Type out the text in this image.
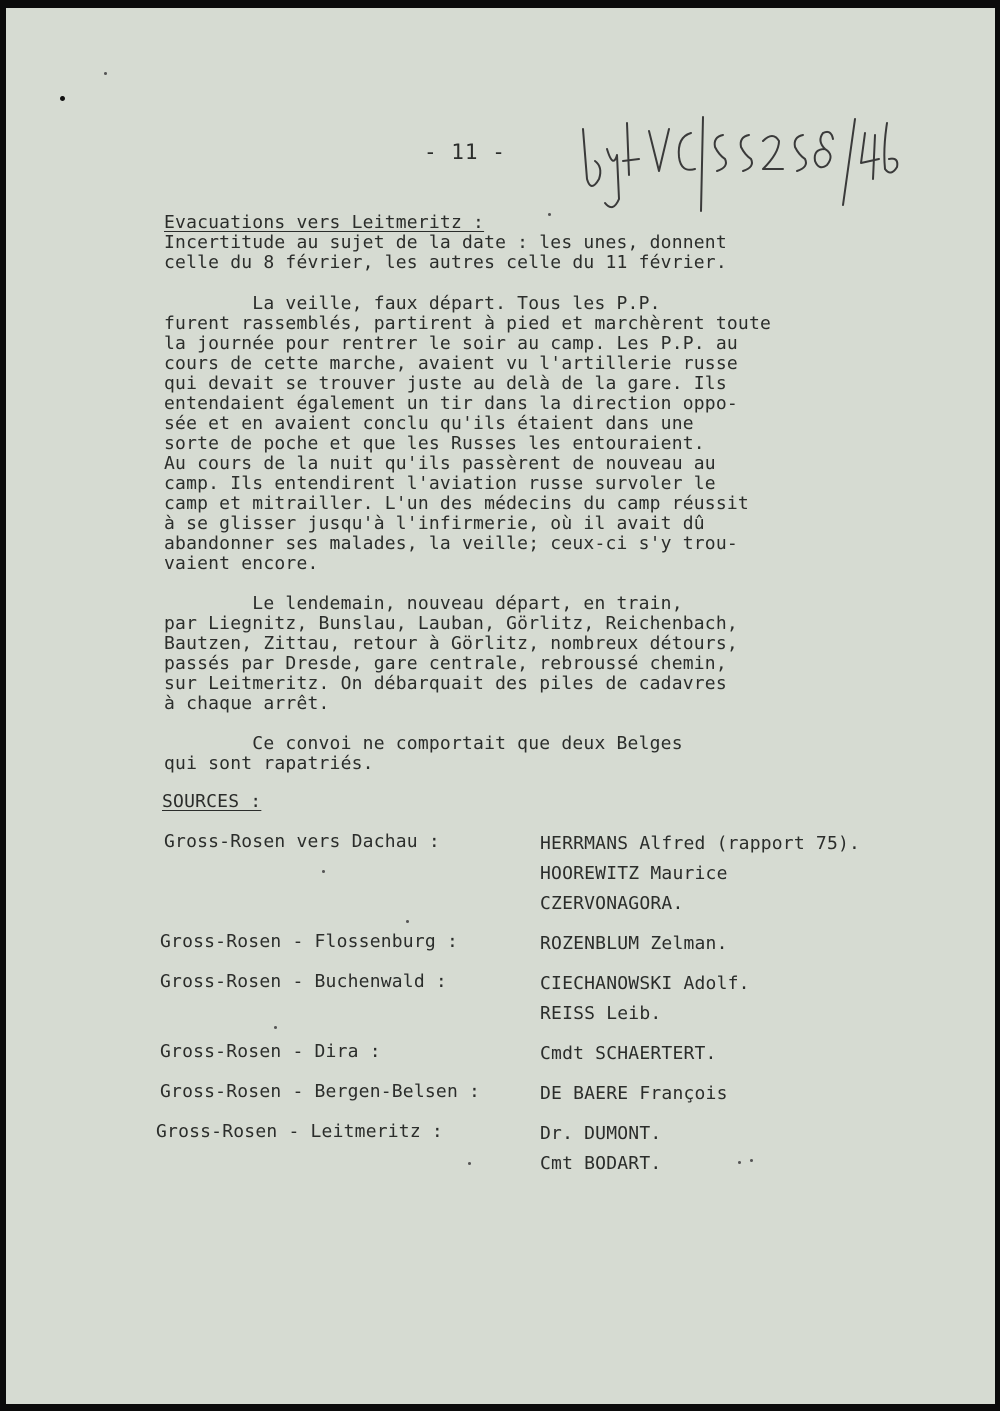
- 11 -

Evacuations vers Leitmeritz :
Incertitude au sujet de la date : les unes, donnent
celle du 8 février, les autres celle du 11 février.
La veille, faux départ. Tous les P.P.
furent rassemblés, partirent à pied et marchèrent toute
la journée pour rentrer le soir au camp. Les P.P. au
cours de cette marche, avaient vu l'artillerie russe
qui devait se trouver juste au delà de la gare. Ils
entendaient également un tir dans la direction oppo-
sée et en avaient conclu qu'ils étaient dans une
sorte de poche et que les Russes les entouraient.
Au cours de la nuit qu'ils passèrent de nouveau au
camp. Ils entendirent l'aviation russe survoler le
camp et mitrailler. L'un des médecins du camp réussit
à se glisser jusqu'à l'infirmerie, où il avait dû
abandonner ses malades, la veille; ceux-ci s'y trou-
vaient encore.
Le lendemain, nouveau départ, en train,
par Liegnitz, Bunslau, Lauban, Görlitz, Reichenbach,
Bautzen, Zittau, retour à Görlitz, nombreux détours,
passés par Dresde, gare centrale, rebroussé chemin,
sur Leitmeritz. On débarquait des piles de cadavres
à chaque arrêt.
Ce convoi ne comportait que deux Belges
qui sont rapatriés.
SOURCES :
Gross-Rosen vers Dachau :	HERRMANS Alfred (rapport 75).
HOOREWITZ Maurice
CZERVONAGORA.
Gross-Rosen - Flossenburg :	ROZENBLUM Zelman.
Gross-Rosen - Buchenwald :	CIECHANOWSKI Adolf.
REISS Leib.
Gross-Rosen - Dira :	Cmdt SCHAERTERT.
Gross-Rosen - Bergen-Belsen :	DE BAERE François
Gross-Rosen - Leitmeritz :	Dr. DUMONT.
Cmt BODART.
